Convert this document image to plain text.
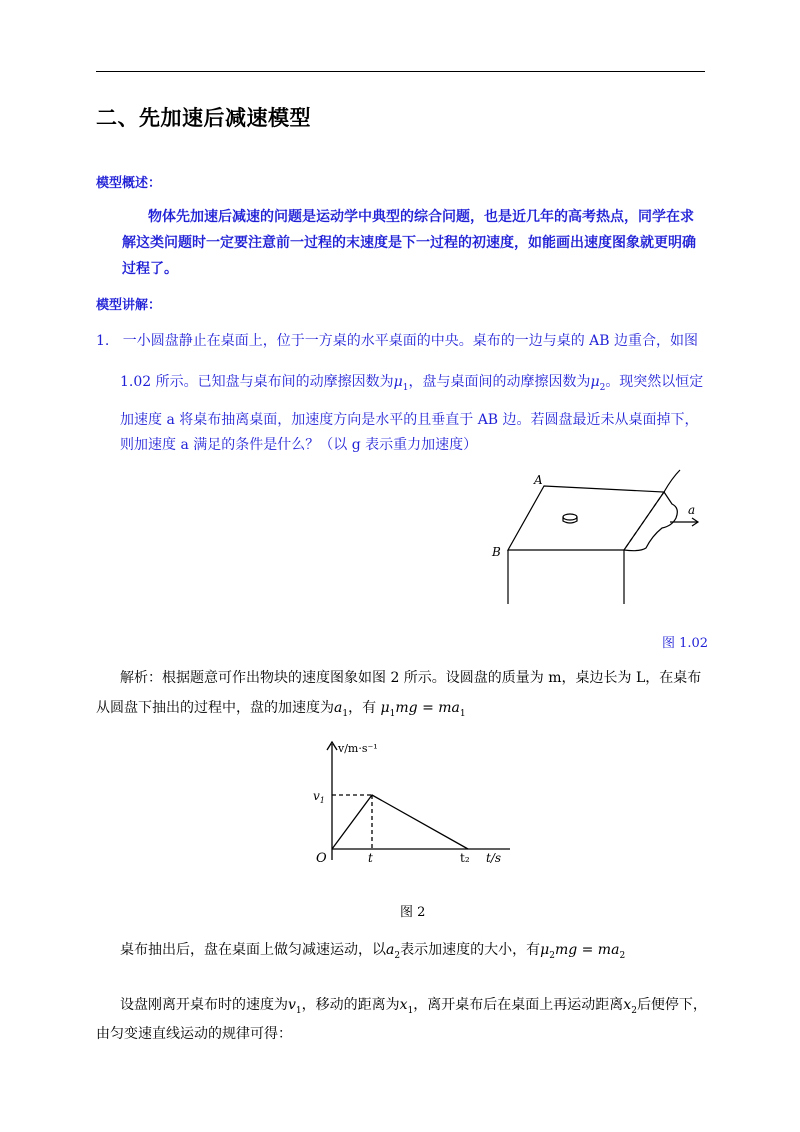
二、先加速后减速模型
模型概述：
物体先加速后减速的问题是运动学中典型的综合问题，也是近几年的高考热点，同学在求
解这类问题时一定要注意前一过程的末速度是下一过程的初速度，如能画出速度图象就更明确
过程了。
模型讲解：
1. 一小圆盘静止在桌面上，位于一方桌的水平桌面的中央。桌布的一边与桌的 AB 边重合，如图
1.02 所示。已知盘与桌布间的动摩擦因数为$\mu_1$，盘与桌面间的动摩擦因数为$\mu_2$。现突然以恒定
加速度 a 将桌布抽离桌面，加速度方向是水平的且垂直于 AB 边。若圆盘最近未从桌面掉下，
则加速度 a 满足的条件是什么？（以 g 表示重力加速度）
A
B
a
图 1.02
解析：根据题意可作出物块的速度图象如图 2 所示。设圆盘的质量为 m，桌边长为 L，在桌布
从圆盘下抽出的过程中，盘的加速度为$a_1$，有 $\mu_1mg = ma_1$
v/m·s⁻¹
$v_1$
O	t	t₂ t/s
图 2
桌布抽出后，盘在桌面上做匀减速运动，以$a_2$表示加速度的大小，有$\mu_2mg = ma_2$
设盘刚离开桌布时的速度为$v_1$，移动的距离为$x_1$，离开桌布后在桌面上再运动距离$x_2$后便停下，
由匀变速直线运动的规律可得：
